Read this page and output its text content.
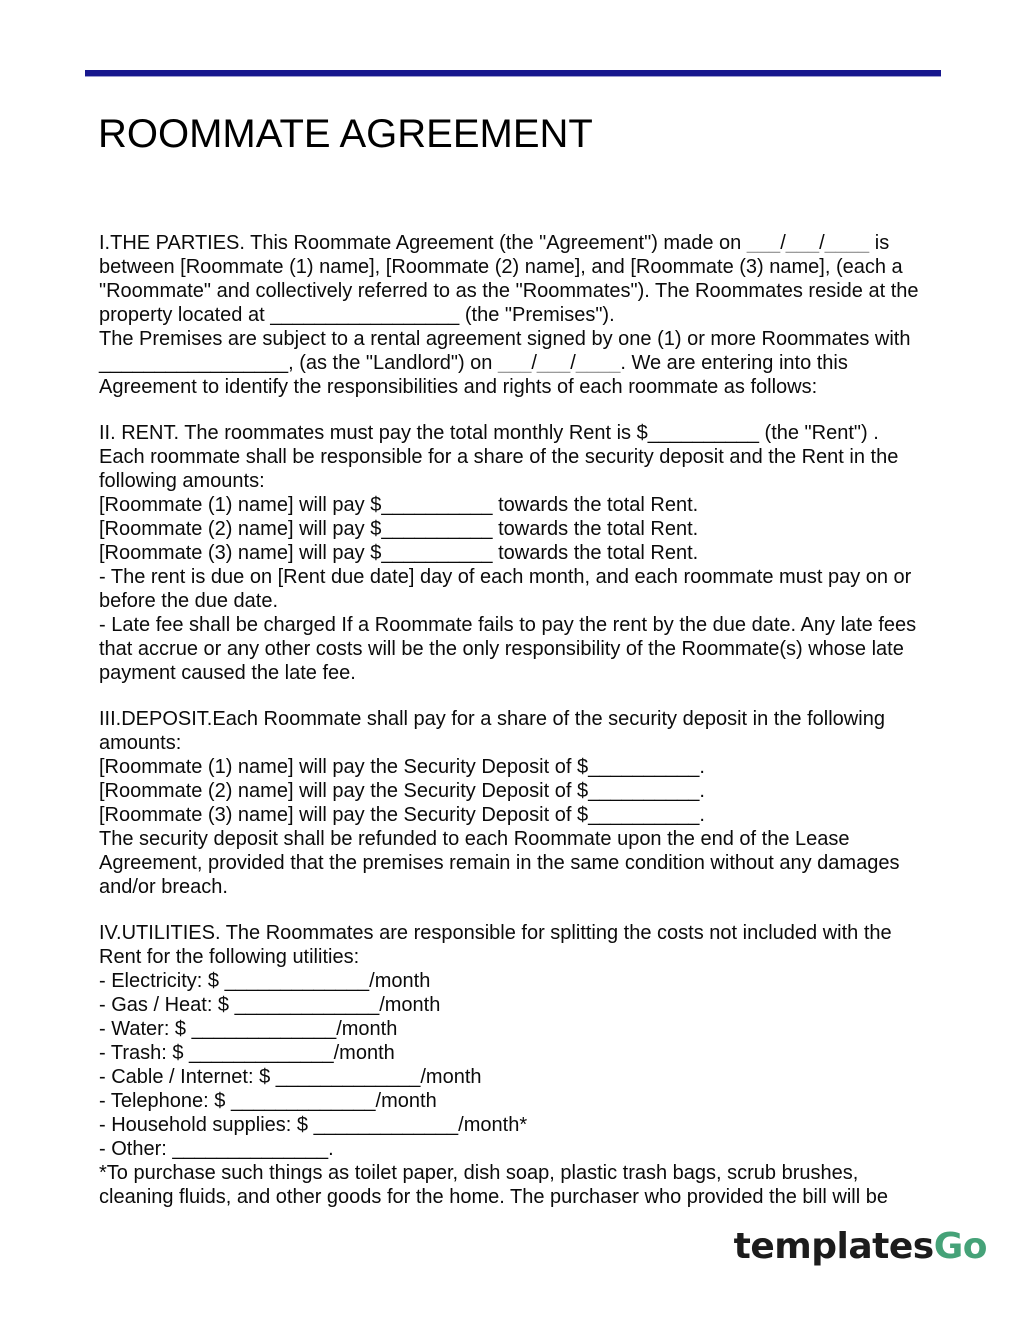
ROOMMATE AGREEMENT
I.THE PARTIES. This Roommate Agreement (the "Agreement") made on ___/___/____ is
between [Roommate (1) name], [Roommate (2) name], and [Roommate (3) name], (each a
"Roommate" and collectively referred to as the "Roommates"). The Roommates reside at the
property located at _________________ (the "Premises").
The Premises are subject to a rental agreement signed by one (1) or more Roommates with
_________________, (as the "Landlord") on ___/___/____. We are entering into this
Agreement to identify the responsibilities and rights of each roommate as follows:
II. RENT. The roommates must pay the total monthly Rent is $__________ (the "Rent") .
Each roommate shall be responsible for a share of the security deposit and the Rent in the
following amounts:
[Roommate (1) name] will pay $__________ towards the total Rent.
[Roommate (2) name] will pay $__________ towards the total Rent.
[Roommate (3) name] will pay $__________ towards the total Rent.
- The rent is due on [Rent due date] day of each month, and each roommate must pay on or
before the due date.
- Late fee shall be charged If a Roommate fails to pay the rent by the due date. Any late fees
that accrue or any other costs will be the only responsibility of the Roommate(s) whose late
payment caused the late fee.
III.DEPOSIT.Each Roommate shall pay for a share of the security deposit in the following
amounts:
[Roommate (1) name] will pay the Security Deposit of $__________.
[Roommate (2) name] will pay the Security Deposit of $__________.
[Roommate (3) name] will pay the Security Deposit of $__________.
The security deposit shall be refunded to each Roommate upon the end of the Lease
Agreement, provided that the premises remain in the same condition without any damages
and/or breach.
IV.UTILITIES. The Roommates are responsible for splitting the costs not included with the
Rent for the following utilities:
- Electricity: $ _____________/month
- Gas / Heat: $ _____________/month
- Water: $ _____________/month
- Trash: $ _____________/month
- Cable / Internet: $ _____________/month
- Telephone: $ _____________/month
- Household supplies: $ _____________/month*
- Other: ______________.
*To purchase such things as toilet paper, dish soap, plastic trash bags, scrub brushes,
cleaning fluids, and other goods for the home. The purchaser who provided the bill will be
templatesGo
